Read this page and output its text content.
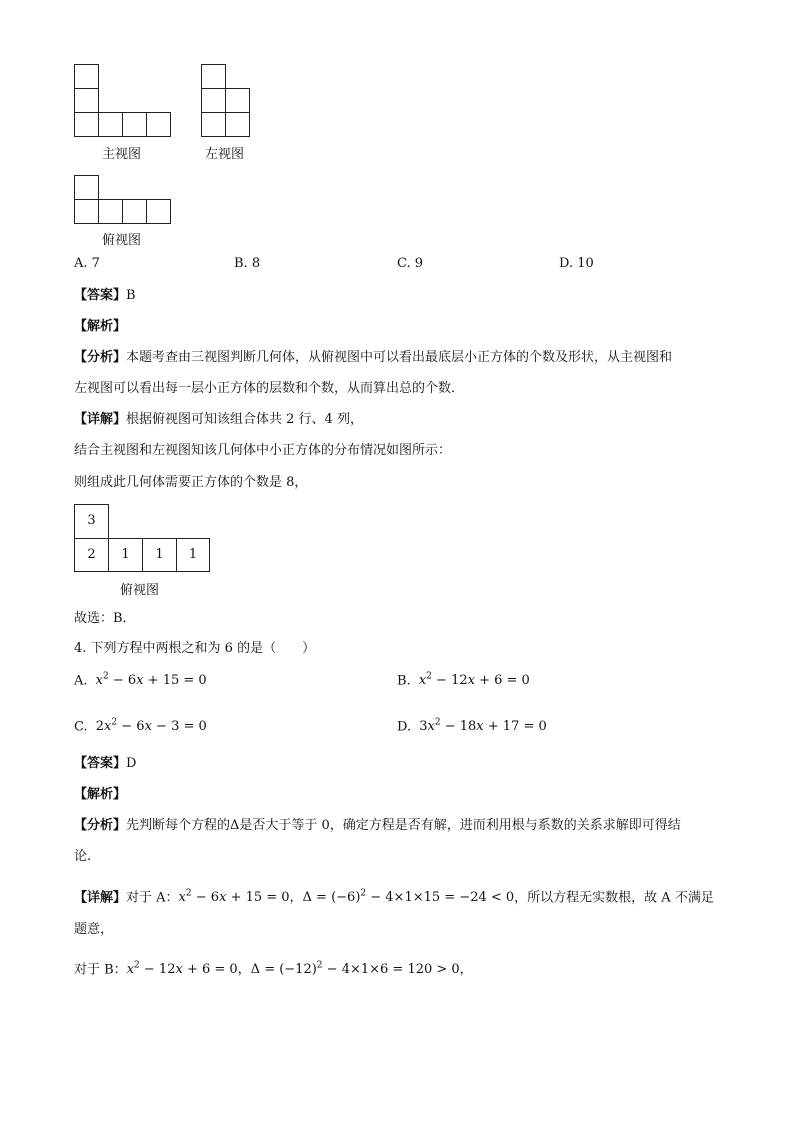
主视图	左视图
俯视图
A. 7	B. 8	C. 9	D. 10
【答案】B
【解析】
【分析】本题考查由三视图判断几何体，从俯视图中可以看出最底层小正方体的个数及形状，从主视图和
左视图可以看出每一层小正方体的层数和个数，从而算出总的个数．
【详解】根据俯视图可知该组合体共 2 行、4 列，
结合主视图和左视图知该几何体中小正方体的分布情况如图所示：
则组成此几何体需要正方体的个数是 8，
3
2	1	1	1
俯视图
故选：B．
4. 下列方程中两根之和为 6 的是（　　）
A. $x^2 - 6x + 15 = 0$	B. $x^2 - 12x + 6 = 0$
C. $2x^2 - 6x - 3 = 0$	D. $3x^2 - 18x + 17 = 0$
【答案】D
【解析】
【分析】先判断每个方程的Δ是否大于等于 0，确定方程是否有解，进而利用根与系数的关系求解即可得结
论.
【详解】对于 A：$x^2 - 6x + 15 = 0$，$\Delta = (-6)^2 - 4\times 1\times 15 = -24 < 0$，所以方程无实数根，故 A 不满足
题意，
对于 B：$x^2 - 12x + 6 = 0$，$\Delta = (-12)^2 - 4\times 1\times 6 = 120 > 0$，
